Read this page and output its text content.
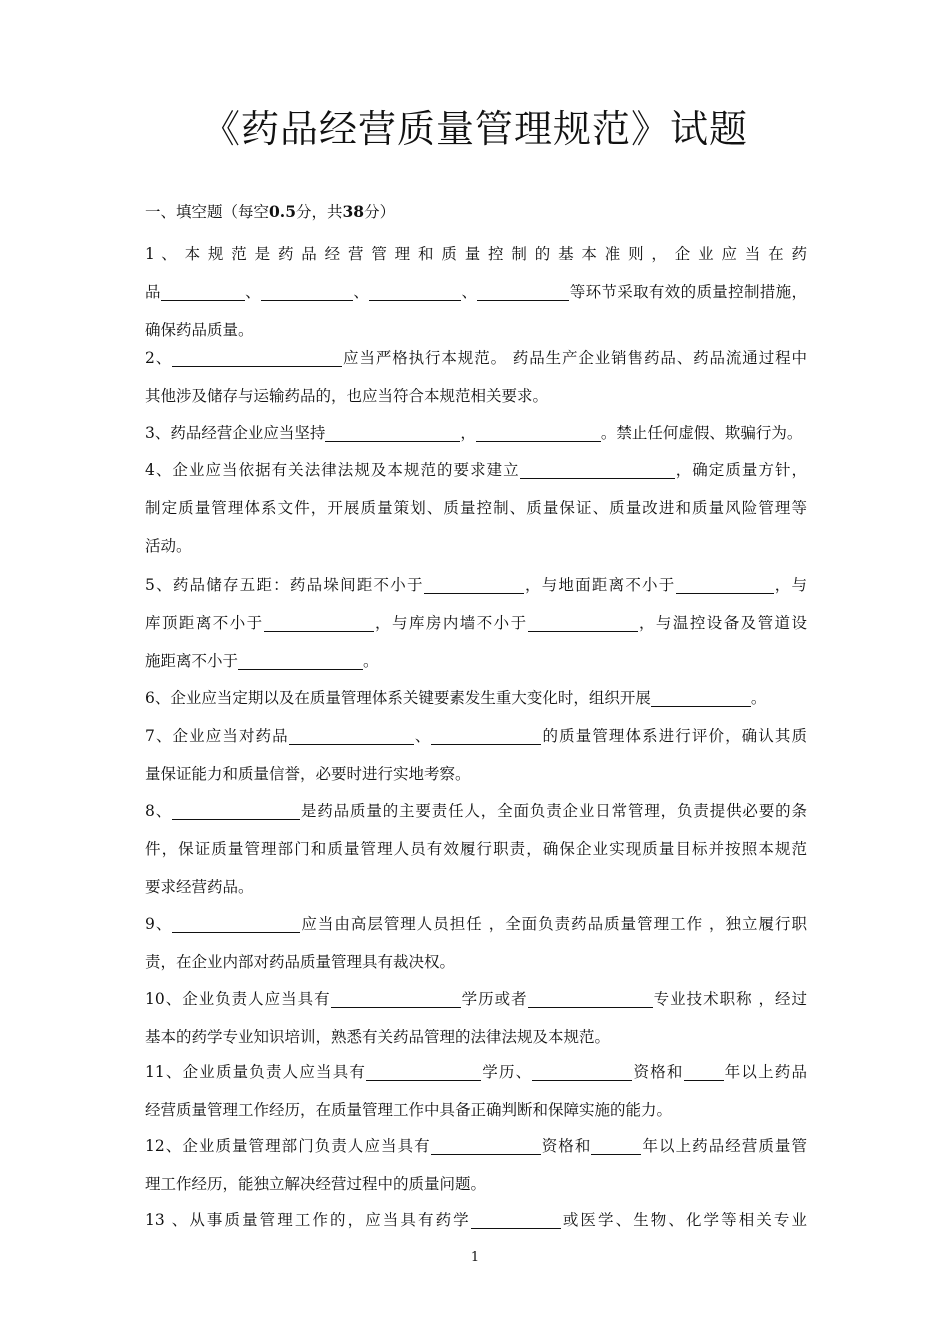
《药品经营质量管理规范》试题
一、填空题（每空0.5分，共38分）
1 、 本 规 范 是 药 品 经 营 管 理 和 质 量 控 制 的 基 本 准 则 ， 企 业 应 当 在 药
品	、	、	、	等环节采取有效的质量控制措施，
确保药品质量。
2、	应当严格执行本规范。 药品生产企业销售药品、药品流通过程中
其他涉及储存与运输药品的，也应当符合本规范相关要求。
3、药品经营企业应当坚持	，	。禁止任何虚假、欺骗行为。
4、企业应当依据有关法律法规及本规范的要求建立	，确定质量方针，
制定质量管理体系文件，开展质量策划、质量控制、质量保证、质量改进和质量风险管理等
活动。
5、药品储存五距：药品垛间距不小于	，与地面距离不小于	，与
库顶距离不小于	，与库房内墙不小于	，与温控设备及管道设
施距离不小于	。
6、企业应当定期以及在质量管理体系关键要素发生重大变化时，组织开展	。
7、企业应当对药品	、	的质量管理体系进行评价，确认其质
量保证能力和质量信誉，必要时进行实地考察。
8、	是药品质量的主要责任人，全面负责企业日常管理，负责提供必要的条
件，保证质量管理部门和质量管理人员有效履行职责，确保企业实现质量目标并按照本规范
要求经营药品。
9、	应当由高层管理人员担任 ，全面负责药品质量管理工作 ，独立履行职
责，在企业内部对药品质量管理具有裁决权。
10、企业负责人应当具有	学历或者	专业技术职称 ，经过
基本的药学专业知识培训，熟悉有关药品管理的法律法规及本规范。
11、企业质量负责人应当具有	学历、	资格和	年以上药品
经营质量管理工作经历，在质量管理工作中具备正确判断和保障实施的能力。
12、企业质量管理部门负责人应当具有	资格和	年以上药品经营质量管
理工作经历，能独立解决经营过程中的质量问题。
13 、从事质量管理工作的，应当具有药学	或医学、生物、化学等相关专业
1
